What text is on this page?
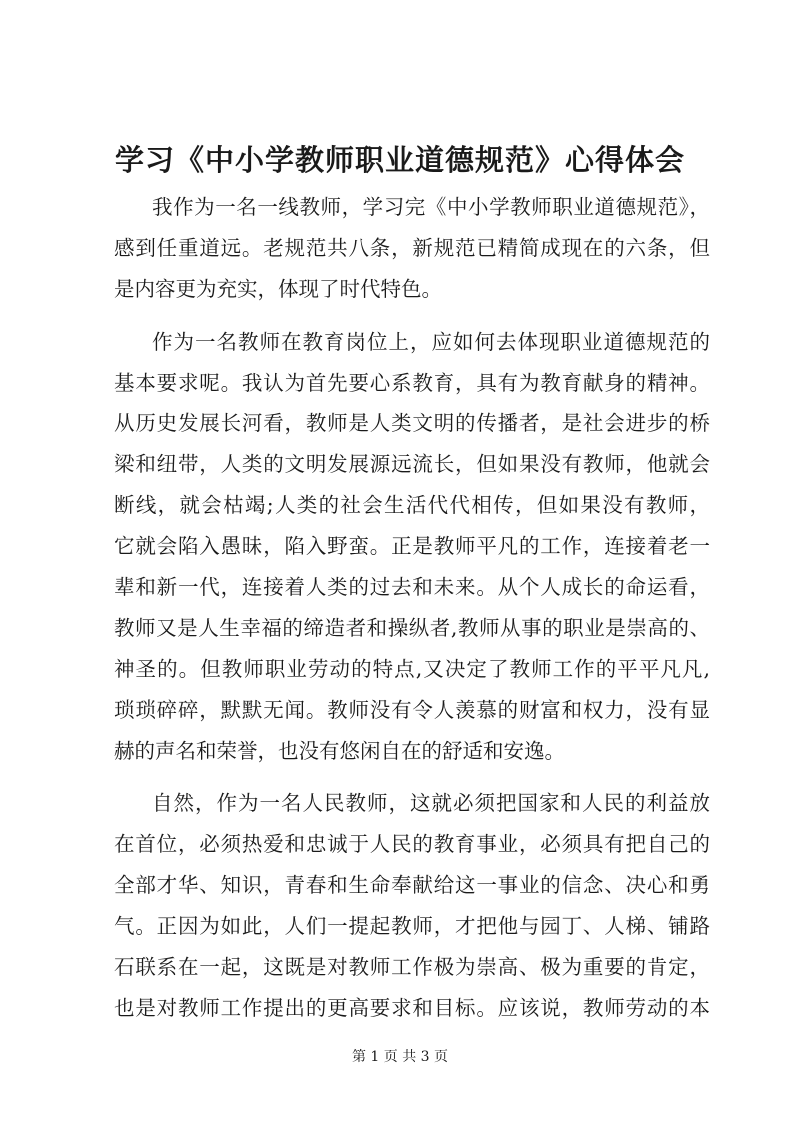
学习《中小学教师职业道德规范》心得体会
我作为一名一线教师，学习完《中小学教师职业道德规范》，
感到任重道远。老规范共八条，新规范已精简成现在的六条，但
是内容更为充实，体现了时代特色。
作为一名教师在教育岗位上，应如何去体现职业道德规范的
基本要求呢。我认为首先要心系教育，具有为教育献身的精神。
从历史发展长河看，教师是人类文明的传播者，是社会进步的桥
梁和纽带，人类的文明发展源远流长，但如果没有教师，他就会
断线，就会枯竭;人类的社会生活代代相传，但如果没有教师，
它就会陷入愚昧，陷入野蛮。正是教师平凡的工作，连接着老一
辈和新一代，连接着人类的过去和未来。从个人成长的命运看，
教师又是人生幸福的缔造者和操纵者,教师从事的职业是崇高的、
神圣的。但教师职业劳动的特点,又决定了教师工作的平平凡凡,
琐琐碎碎，默默无闻。教师没有令人羡慕的财富和权力，没有显
赫的声名和荣誉，也没有悠闲自在的舒适和安逸。
自然，作为一名人民教师，这就必须把国家和人民的利益放
在首位，必须热爱和忠诚于人民的教育事业，必须具有把自己的
全部才华、知识，青春和生命奉献给这一事业的信念、决心和勇
气。正因为如此，人们一提起教师，才把他与园丁、人梯、铺路
石联系在一起，这既是对教师工作极为崇高、极为重要的肯定，
也是对教师工作提出的更高要求和目标。应该说，教师劳动的本
第 1 页 共 3 页
